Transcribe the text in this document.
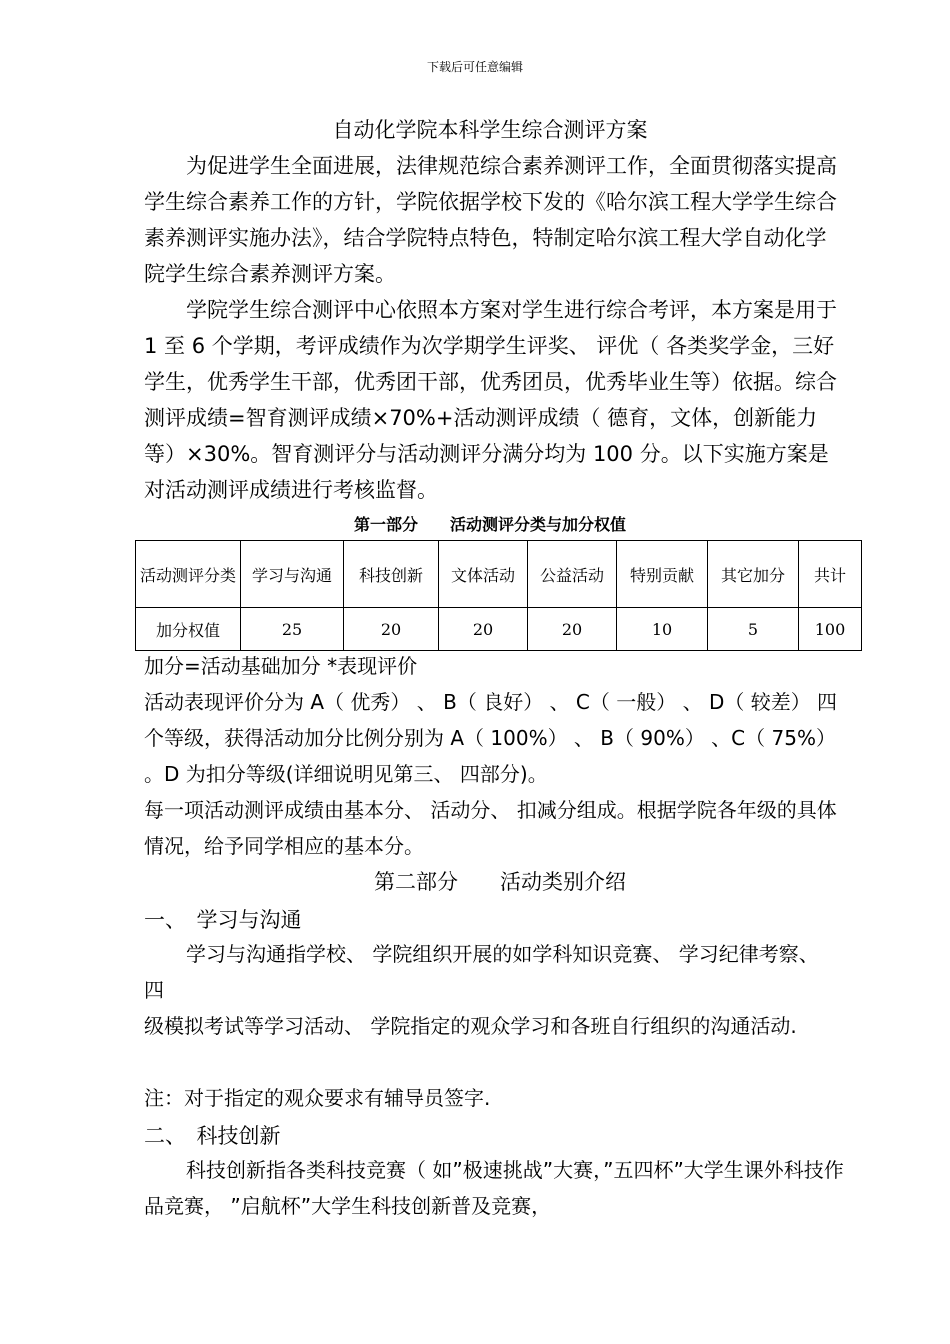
下载后可任意编辑
自动化学院本科学生综合测评方案

为促进学生全面进展，法律规范综合素养测评工作，全面贯彻落实提高学生综合素养工作的方针，学院依据学校下发的《哈尔滨工程大学学生综合素养测评实施办法》，结合学院特点特色，特制定哈尔滨工程大学自动化学院学生综合素养测评方案。

学院学生综合测评中心依照本方案对学生进行综合考评，本方案是用于 1 至 6 个学期，考评成绩作为次学期学生评奖、 评优（ 各类奖学金，三好学生，优秀学生干部，优秀团干部，优秀团员，优秀毕业生等）依据。综合测评成绩=智育测评成绩×70%+活动测评成绩（ 德育，文体，创新能力等）×30%。智育测评分与活动测评分满分均为 100 分。以下实施方案是对活动测评成绩进行考核监督。

第一部分　　活动测评分类与加分权值
活动测评分类	学习与沟通	科技创新	文体活动	公益活动	特别贡献	其它加分	共计
加分权值	25	20	20	20	10	5	100

加分=活动基础加分 *表现评价

活动表现评价分为 A（ 优秀） 、 B（ 良好） 、 C（ 一般） 、 D（ 较差） 四个等级，获得活动加分比例分别为 A（ 100%） 、 B（ 90%） 、C（ 75%） 。D 为扣分等级(详细说明见第三、 四部分)。

每一项活动测评成绩由基本分、 活动分、 扣减分组成。根据学院各年级的具体情况，给予同学相应的基本分。

第二部分　　活动类别介绍

一、　学习与沟通

学习与沟通指学校、 学院组织开展的如学科知识竞赛、 学习纪律考察、 四

级模拟考试等学习活动、 学院指定的观众学习和各班自行组织的沟通活动.

注：对于指定的观众要求有辅导员签字.

二、　科技创新

科技创新指各类科技竞赛（ 如”极速挑战”大赛，”五四杯”大学生课外科技作品竞赛， ”启航杯”大学生科技创新普及竞赛，
